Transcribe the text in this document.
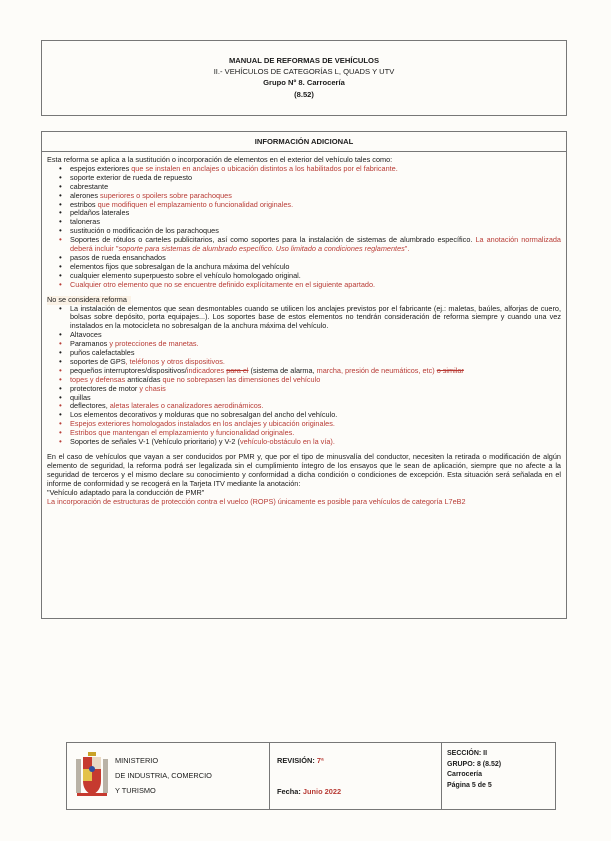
MANUAL DE REFORMAS DE VEHÍCULOS
II.- VEHÍCULOS DE CATEGORÍAS L, QUADS Y UTV
Grupo Nº 8. Carrocería
(8.52)
INFORMACIÓN ADICIONAL
Esta reforma se aplica a la sustitución o incorporación de elementos en el exterior del vehículo tales como:
• espejos exteriores que se instalen en anclajes o ubicación distintos a los habilitados por el fabricante.
• soporte exterior de rueda de repuesto
• cabrestante
• alerones superiores o spoilers sobre parachoques
• estribos que modifiquen el emplazamiento o funcionalidad originales.
• peldaños laterales
• taloneras
• sustitución o modificación de los parachoques
• Soportes de rótulos o carteles publicitarios, así como soportes para la instalación de sistemas de alumbrado específico. La anotación normalizada deberá incluir "soporte para sistemas de alumbrado específico. Uso limitado a condiciones reglamentes".
• pasos de rueda ensanchados
• elementos fijos que sobresalgan de la anchura máxima del vehículo
• cualquier elemento superpuesto sobre el vehículo homologado original.
• Cualquier otro elemento que no se encuentre definido explícitamente en el siguiente apartado.
No se considera reforma
• La instalación de elementos que sean desmontables cuando se utilicen los anclajes previstos por el fabricante (ej.: maletas, baúles, alforjas de cuero, bolsas sobre depósito, porta equipajes...). Los soportes base de estos elementos no tendrán consideración de reforma siempre y cuando una vez instalados en la motocicleta no sobresalgan de la anchura máxima del vehículo.
• Altavoces
• Paramanos y protecciones de manetas.
• puños calefactables
• soportes de GPS, teléfonos y otros dispositivos.
• pequeños interruptores/dispositivos/indicadores para el (sistema de alarma, marcha, presión de neumáticos, etc) o similar
• topes y defensas anticaídas que no sobrepasen las dimensiones del vehículo
• protectores de motor y chasis
• quillas
• deflectores, aletas laterales o canalizadores aerodinámicos.
• Los elementos decorativos y molduras que no sobresalgan del ancho del vehículo.
• Espejos exteriores homologados instalados en los anclajes y ubicación originales.
• Estribos que mantengan el emplazamiento y funcionalidad originales.
• Soportes de señales V-1 (Vehículo prioritario) y V-2 (vehículo-obstáculo en la vía).
En el caso de vehículos que vayan a ser conducidos por PMR y, que por el tipo de minusvalía del conductor, necesiten la retirada o modificación de algún elemento de seguridad, la reforma podrá ser legalizada sin el cumplimiento íntegro de los ensayos que le sean de aplicación, siempre que no afecte a la seguridad de terceros y el mismo declare su conocimiento y conformidad a dicha condición o condiciones de excepción. Esta situación será señalada en el informe de conformidad y se recogerá en la Tarjeta ITV mediante la anotación:
"Vehículo adaptado para la conducción de PMR"
La incorporación de estructuras de protección contra el vuelco (ROPS) únicamente es posible para vehículos de categoría L7eB2
MINISTERIO
DE INDUSTRIA, COMERCIO
Y TURISMO
REVISIÓN: 7ª
Fecha: Junio 2022
SECCIÓN: II
GRUPO: 8 (8.52)
Carrocería
Página 5 de 5
